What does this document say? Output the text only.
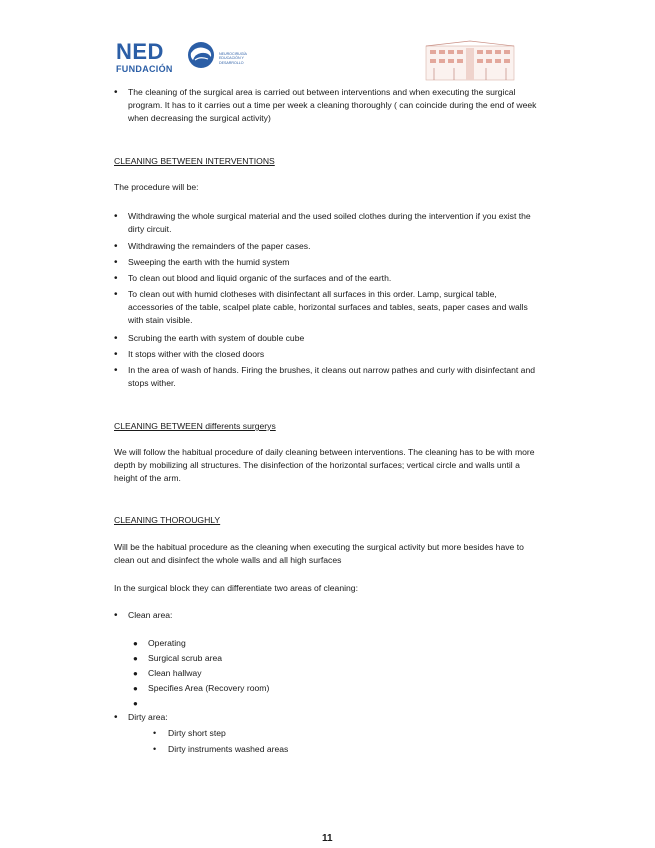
NED
FUNDACIÓN
NEUROCIRUGÍA EDUCACIÓN Y DESARROLLO
• The cleaning of the surgical area is carried out between interventions and when executing the surgical program. It has to it carries out a time per week a cleaning thoroughly ( can coincide during the end of week when decreasing the surgical activity)
CLEANING BETWEEN INTERVENTIONS
The procedure will be:
• Withdrawing the whole surgical material and the used soiled clothes during the intervention if you exist the dirty circuit.
• Withdrawing the remainders of the paper cases.
• Sweeping the earth with the humid system
• To clean out blood and liquid organic of the surfaces and of the earth.
• To clean out with humid clotheses with disinfectant all surfaces in this order. Lamp, surgical table, accessories of the table, scalpel plate cable, horizontal surfaces and tables, seats, paper cases and walls with stain visible.
• Scrubing the earth with system of double cube
• It stops wither with the closed doors
• In the area of wash of hands. Firing the brushes, it cleans out narrow pathes and curly with disinfectant and stops wither.
CLEANING BETWEEN differents surgerys
We will follow the habitual procedure of daily cleaning between interventions. The cleaning has to be with more depth by mobilizing all structures. The disinfection of the horizontal surfaces; vertical circle and walls until a height of the arm.
CLEANING THOROUGHLY
Will be the habitual procedure as the cleaning when executing the surgical activity but more besides have to clean out and disinfect the whole walls and all high surfaces
In the surgical block they can differentiate two areas of cleaning:
• Clean area:
● Operating
● Surgical scrub area
● Clean hallway
● Specifies Area (Recovery room)
●
• Dirty area:
• Dirty short step
• Dirty instruments washed areas
11
